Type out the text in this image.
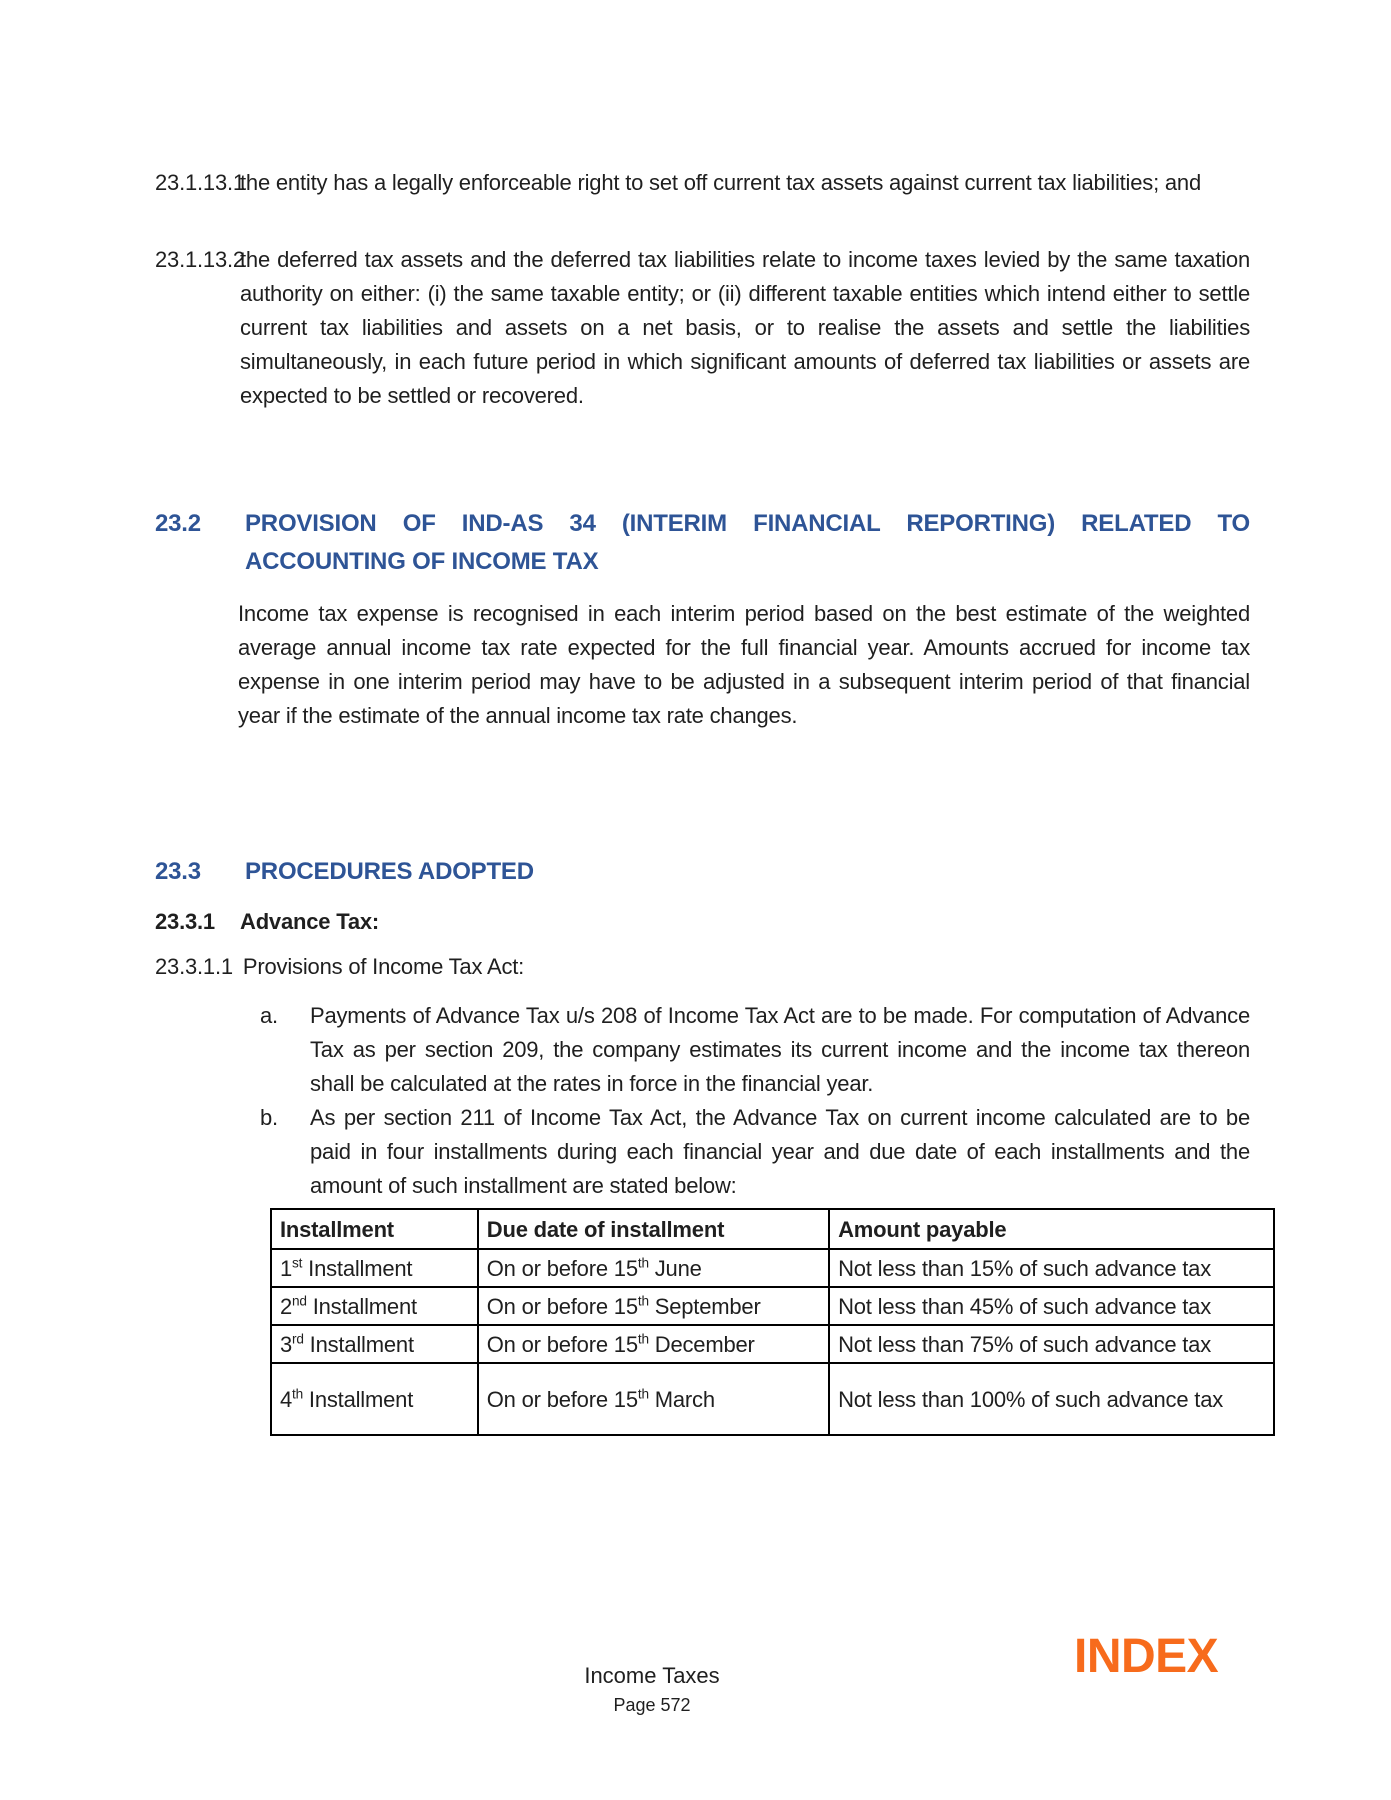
23.1.13.1
the entity has a legally enforceable right to set off current tax assets against current tax liabilities; and
23.1.13.2
the deferred tax assets and the deferred tax liabilities relate to income taxes levied by the same taxation authority on either: (i) the same taxable entity; or (ii) different taxable entities which intend either to settle current tax liabilities and assets on a net basis, or to realise the assets and settle the liabilities simultaneously, in each future period in which significant amounts of deferred tax liabilities or assets are expected to be settled or recovered.
23.2 PROVISION OF IND-AS 34 (INTERIM FINANCIAL REPORTING) RELATED TO ACCOUNTING OF INCOME TAX
Income tax expense is recognised in each interim period based on the best estimate of the weighted average annual income tax rate expected for the full financial year. Amounts accrued for income tax expense in one interim period may have to be adjusted in a subsequent interim period of that financial year if the estimate of the annual income tax rate changes.
23.3 PROCEDURES ADOPTED
23.3.1 Advance Tax:
23.3.1.1 Provisions of Income Tax Act:
a. Payments of Advance Tax u/s 208 of Income Tax Act are to be made. For computation of Advance Tax as per section 209, the company estimates its current income and the income tax thereon shall be calculated at the rates in force in the financial year.
b. As per section 211 of Income Tax Act, the Advance Tax on current income calculated are to be paid in four installments during each financial year and due date of each installments and the amount of such installment are stated below:
Installment	Due date of installment	Amount payable
1st Installment	On or before 15th June	Not less than 15% of such advance tax
2nd Installment	On or before 15th September	Not less than 45% of such advance tax
3rd Installment	On or before 15th December	Not less than 75% of such advance tax
4th Installment	On or before 15th March	Not less than 100% of such advance tax
Income Taxes
Page 572
INDEX
